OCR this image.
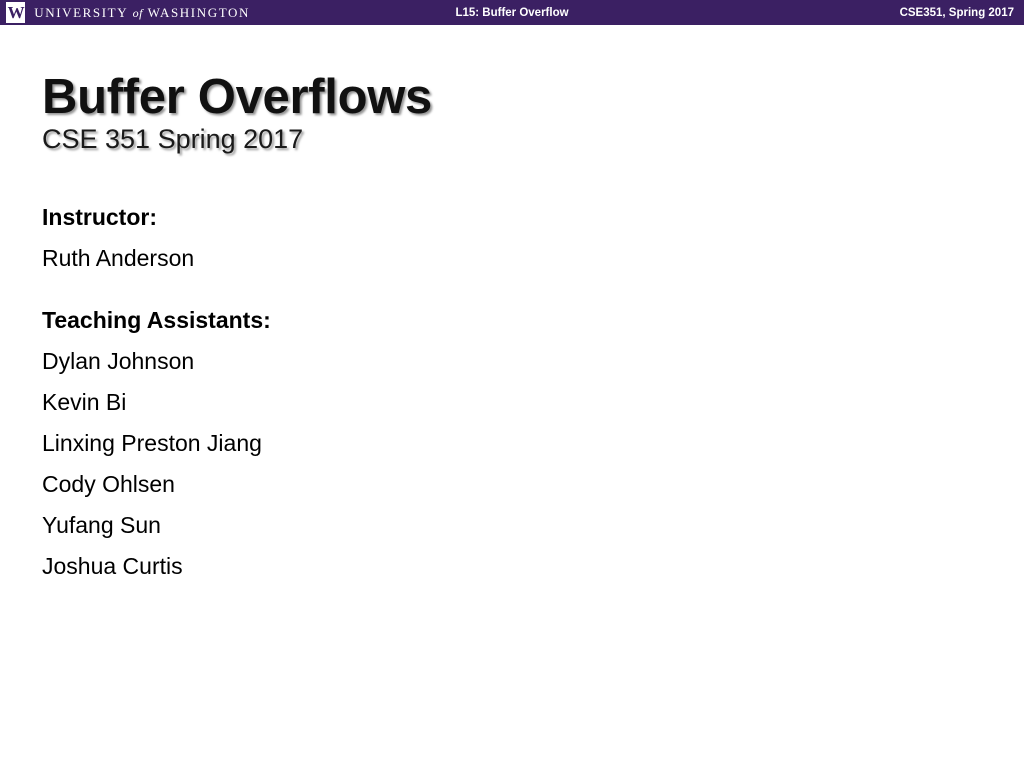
W UNIVERSITY of WASHINGTON	L15: Buffer Overflow	CSE351, Spring 2017
Buffer Overflows
CSE 351 Spring 2017
Instructor:
Ruth Anderson
Teaching Assistants:
Dylan Johnson
Kevin Bi
Linxing Preston Jiang
Cody Ohlsen
Yufang Sun
Joshua Curtis
